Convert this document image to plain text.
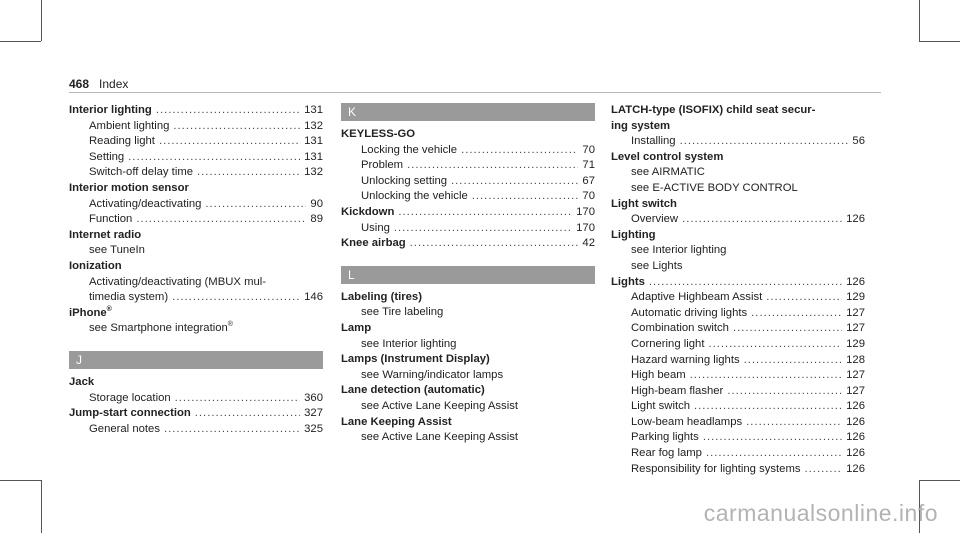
468 Index
Interior lighting .....	131
Ambient lighting .....	132
Reading light .....	131
Setting .....	131
Switch-off delay time .....	132
Interior motion sensor
Activating/deactivating .....	90
Function .....	89
Internet radio
see TuneIn
Ionization
Activating/deactivating (MBUX mul-
timedia system) .....	146
iPhone®
see Smartphone integration®
J
Jack
Storage location .....	360
Jump-start connection .....	327
General notes .....	325
K
KEYLESS-GO
Locking the vehicle .....	70
Problem .....	71
Unlocking setting .....	67
Unlocking the vehicle .....	70
Kickdown .....	170
Using .....	170
Knee airbag .....	42
L
Labeling (tires)
see Tire labeling
Lamp
see Interior lighting
Lamps (Instrument Display)
see Warning/indicator lamps
Lane detection (automatic)
see Active Lane Keeping Assist
Lane Keeping Assist
see Active Lane Keeping Assist
LATCH-type (ISOFIX) child seat secur-
ing system
Installing .....	56
Level control system
see AIRMATIC
see E-ACTIVE BODY CONTROL
Light switch
Overview .....	126
Lighting
see Interior lighting
see Lights
Lights .....	126
Adaptive Highbeam Assist .....	129
Automatic driving lights .....	127
Combination switch .....	127
Cornering light .....	129
Hazard warning lights .....	128
High beam .....	127
High-beam flasher .....	127
Light switch .....	126
Low-beam headlamps .....	126
Parking lights .....	126
Rear fog lamp .....	126
Responsibility for lighting systems .....	126
carmanualsonline.info
